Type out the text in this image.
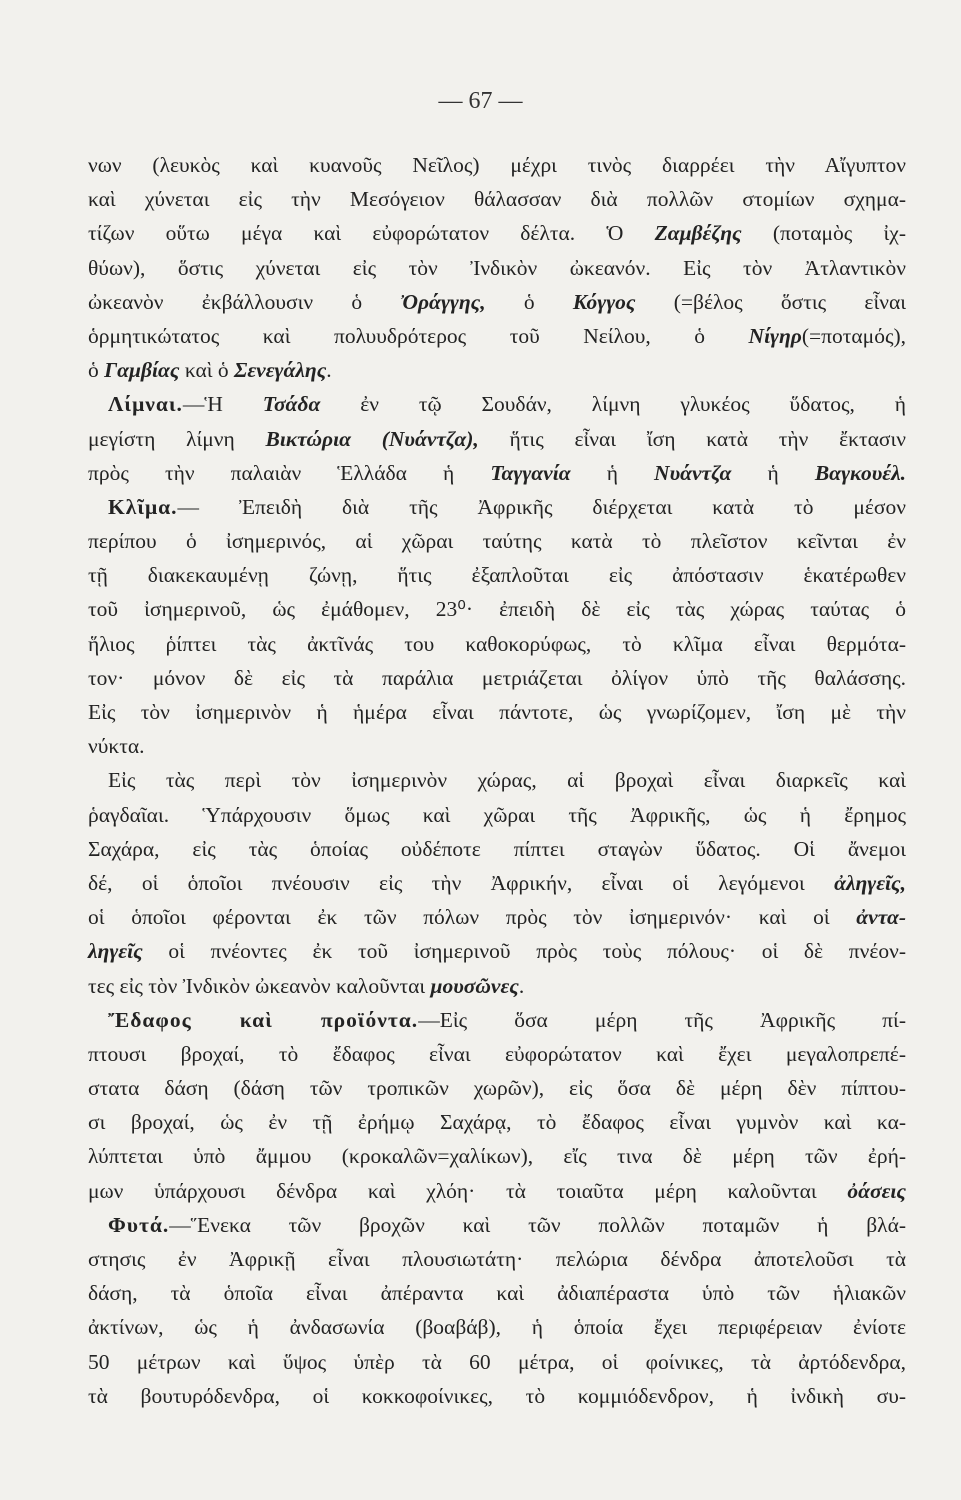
— 67 —
νων (λευκὸς καὶ κυανοῦς Νεῖλος) μέχρι τινὸς διαρρέει τὴν Αἴγυπτον
καὶ χύνεται εἰς τὴν Μεσόγειον θάλασσαν διὰ πολλῶν στομίων σχημα-
τίζων οὕτω μέγα καὶ εὐφορώτατον δέλτα. Ὁ Ζαμβέζης (ποταμὸς ἰχ-
θύων), ὅστις χύνεται εἰς τὸν Ἰνδικὸν ὠκεανόν. Εἰς τὸν Ἀτλαντικὸν
ὠκεανὸν ἐκβάλλουσιν ὁ Ὀράγγης, ὁ Κόγγος (=βέλος ὅστις εἶναι
ὁρμητικώτατος καὶ πολυυδρότερος τοῦ Νείλου, ὁ Νίγηρ(=ποταμός),
ὁ Γαμβίας καὶ ὁ Σενεγάλης.
Λίμναι.—Ἡ Τσάδα ἐν τῷ Σουδάν, λίμνη γλυκέος ὕδατος, ἡ
μεγίστη λίμνη Βικτώρια (Νυάντζα), ἥτις εἶναι ἴση κατὰ τὴν ἔκτασιν
πρὸς τὴν παλαιὰν Ἑλλάδα ἡ Ταγγανία ἡ Νυάντζα ἡ Βαγκουέλ.
Κλῖμα.— Ἐπειδὴ διὰ τῆς Ἀφρικῆς διέρχεται κατὰ τὸ μέσον
περίπου ὁ ἰσημερινός, αἱ χῶραι ταύτης κατὰ τὸ πλεῖστον κεῖνται ἐν
τῇ διακεκαυμένῃ ζώνῃ, ἥτις ἐξαπλοῦται εἰς ἀπόστασιν ἑκατέρωθεν
τοῦ ἰσημερινοῦ, ὡς ἐμάθομεν, 23⁰· ἐπειδὴ δὲ εἰς τὰς χώρας ταύτας ὁ
ἥλιος ῥίπτει τὰς ἀκτῖνάς του καθοκορύφως, τὸ κλῖμα εἶναι θερμότα-
τον· μόνον δὲ εἰς τὰ παράλια μετριάζεται ὀλίγον ὑπὸ τῆς θαλάσσης.
Εἰς τὸν ἰσημερινὸν ἡ ἡμέρα εἶναι πάντοτε, ὡς γνωρίζομεν, ἴση μὲ τὴν
νύκτα.
Εἰς τὰς περὶ τὸν ἰσημερινὸν χώρας, αἱ βροχαὶ εἶναι διαρκεῖς καὶ
ῥαγδαῖαι. Ὑπάρχουσιν ὅμως καὶ χῶραι τῆς Ἀφρικῆς, ὡς ἡ ἔρημος
Σαχάρα, εἰς τὰς ὁποίας οὐδέποτε πίπτει σταγὼν ὕδατος. Οἱ ἄνεμοι
δέ, οἱ ὁποῖοι πνέουσιν εἰς τὴν Ἀφρικήν, εἶναι οἱ λεγόμενοι ἀληγεῖς,
οἱ ὁποῖοι φέρονται ἐκ τῶν πόλων πρὸς τὸν ἰσημερινόν· καὶ οἱ ἀντα-
ληγεῖς οἱ πνέοντες ἐκ τοῦ ἰσημερινοῦ πρὸς τοὺς πόλους· οἱ δὲ πνέον-
τες εἰς τὸν Ἰνδικὸν ὠκεανὸν καλοῦνται μουσῶνες.
Ἔδαφος καὶ προϊόντα.—Εἰς ὅσα μέρη τῆς Ἀφρικῆς πί-
πτουσι βροχαί, τὸ ἔδαφος εἶναι εὐφορώτατον καὶ ἔχει μεγαλοπρεπέ-
στατα δάση (δάση τῶν τροπικῶν χωρῶν), εἰς ὅσα δὲ μέρη δὲν πίπτου-
σι βροχαί, ὡς ἐν τῇ ἐρήμῳ Σαχάρᾳ, τὸ ἔδαφος εἶναι γυμνὸν καὶ κα-
λύπτεται ὑπὸ ἄμμου (κροκαλῶν=χαλίκων), εἴς τινα δὲ μέρη τῶν ἐρή-
μων ὑπάρχουσι δένδρα καὶ χλόη· τὰ τοιαῦτα μέρη καλοῦνται ὀάσεις
Φυτά.—Ἕνεκα τῶν βροχῶν καὶ τῶν πολλῶν ποταμῶν ἡ βλά-
στησις ἐν Ἀφρικῇ εἶναι πλουσιωτάτη· πελώρια δένδρα ἀποτελοῦσι τὰ
δάση, τὰ ὁποῖα εἶναι ἀπέραντα καὶ ἀδιαπέραστα ὑπὸ τῶν ἡλιακῶν
ἀκτίνων, ὡς ἡ ἀνδασωνία (βοαβάβ), ἡ ὁποία ἔχει περιφέρειαν ἐνίοτε
50 μέτρων καὶ ὕψος ὑπὲρ τὰ 60 μέτρα, οἱ φοίνικες, τὰ ἀρτόδενδρα,
τὰ βουτυρόδενδρα, οἱ κοκκοφοίνικες, τὸ κομμιόδενδρον, ἡ ἰνδικὴ συ-
